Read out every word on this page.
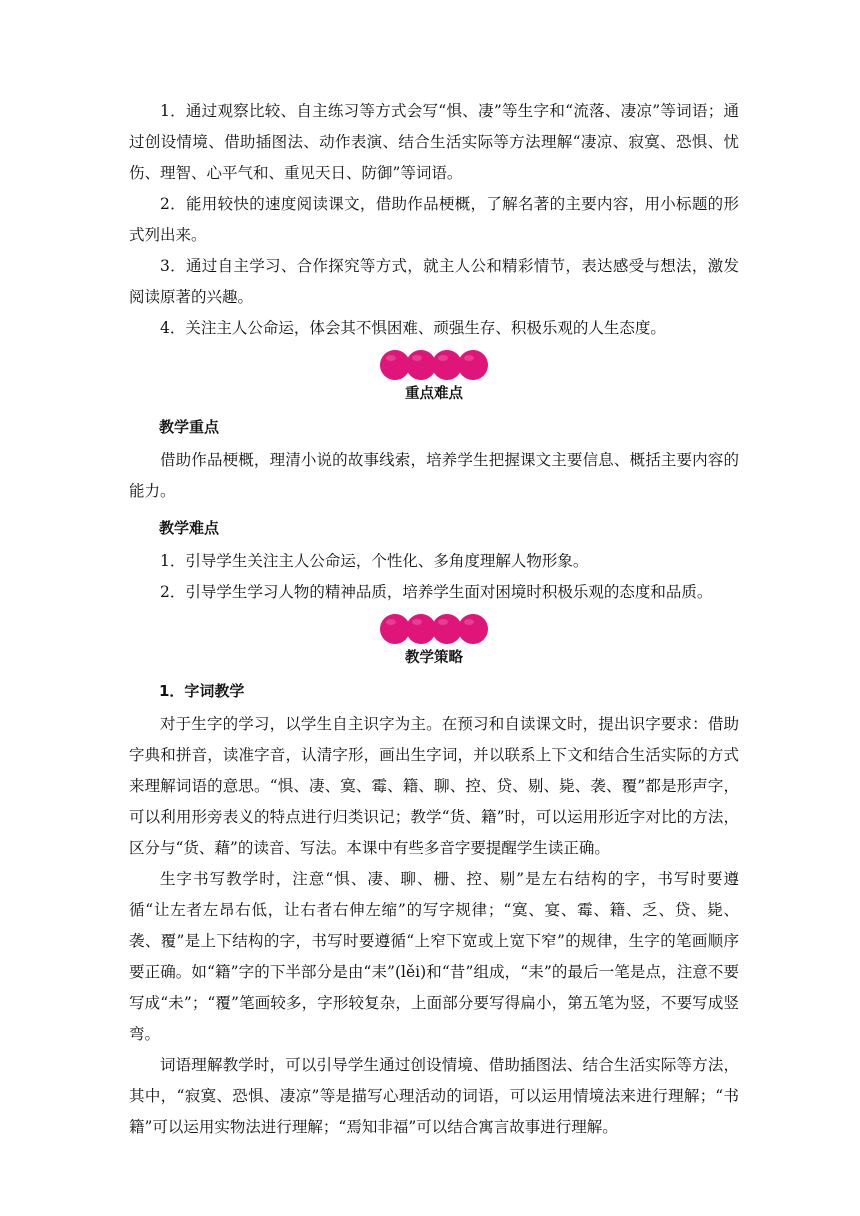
1．通过观察比较、自主练习等方式会写“惧、凄”等生字和“流落、凄凉”等词语；通过创设情境、借助插图法、动作表演、结合生活实际等方法理解“凄凉、寂寞、恐惧、忧伤、理智、心平气和、重见天日、防御”等词语。

2．能用较快的速度阅读课文，借助作品梗概，了解名著的主要内容，用小标题的形式列出来。

3．通过自主学习、合作探究等方式，就主人公和精彩情节，表达感受与想法，激发阅读原著的兴趣。

4．关注主人公命运，体会其不惧困难、顽强生存、积极乐观的人生态度。

重点难点
教学重点

借助作品梗概，理清小说的故事线索，培养学生把握课文主要信息、概括主要内容的能力。

教学难点

1．引导学生关注主人公命运，个性化、多角度理解人物形象。

2．引导学生学习人物的精神品质，培养学生面对困境时积极乐观的态度和品质。

教学策略
1．字词教学

对于生字的学习，以学生自主识字为主。在预习和自读课文时，提出识字要求：借助字典和拼音，读准字音，认清字形，画出生字词，并以联系上下文和结合生活实际的方式来理解词语的意思。“惧、凄、寞、霉、籍、聊、控、贷、剔、毙、袭、覆”都是形声字，可以利用形旁表义的特点进行归类识记；教学“货、籍”时，可以运用形近字对比的方法，区分与“货、藉”的读音、写法。本课中有些多音字要提醒学生读正确。

生字书写教学时，注意“惧、凄、聊、栅、控、剔”是左右结构的字，书写时要遵循“让左者左昂右低，让右者右伸左缩”的写字规律；“寞、宴、霉、籍、乏、贷、毙、袭、覆”是上下结构的字，书写时要遵循“上窄下宽或上宽下窄”的规律，生字的笔画顺序要正确。如“籍”字的下半部分是由“耒”(lěi)和“昔”组成，“耒”的最后一笔是点，注意不要写成“未”；“覆”笔画较多，字形较复杂，上面部分要写得扁小，第五笔为竖，不要写成竖弯。

词语理解教学时，可以引导学生通过创设情境、借助插图法、结合生活实际等方法，其中，“寂寞、恐惧、凄凉”等是描写心理活动的词语，可以运用情境法来进行理解；“书籍”可以运用实物法进行理解；“焉知非福”可以结合寓言故事进行理解。
